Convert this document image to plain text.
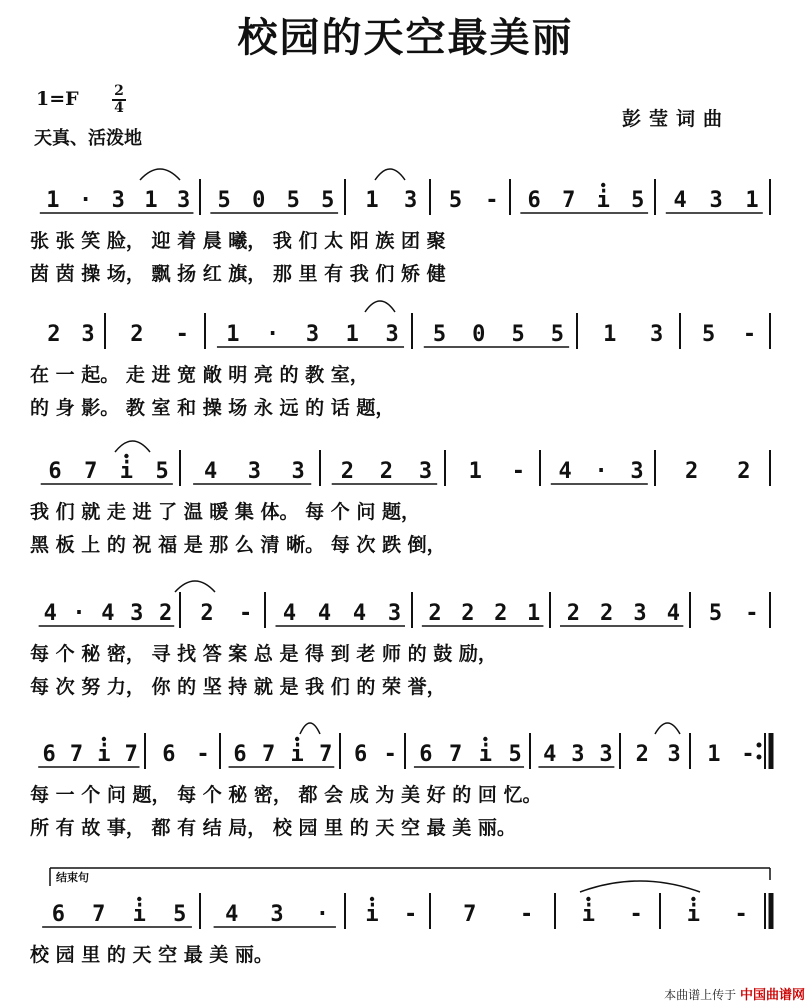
校园的天空最美丽
1=F	2
4
天真、活泼地
彭莹词曲
1 · 3 1 3 5 0 5 5 1 3 5 - 6 7 i 5 4 3 1
张 张 笑 脸， 迎 着 晨 曦， 我 们 太 阳 族 团 聚
茵 茵 操 场， 飘 扬 红 旗， 那 里 有 我 们 矫 健
2 3 2 - 1 · 3 1 3 5 0 5 5 1 3 5 -
在 一 起。 走 进 宽 敞 明 亮 的 教 室，
的 身 影。 教 室 和 操 场 永 远 的 话 题，
6 7 i 5 4 3 3 2 2 3 1 - 4 · 3 2 2
我 们 就 走 进 了 温 暖 集 体。 每 个 问 题，
黑 板 上 的 祝 福 是 那 么 清 晰。 每 次 跌 倒，
4 · 4 3 2 2 - 4 4 4 3 2 2 2 1 2 2 3 4 5 -
每 个 秘 密， 寻 找 答 案 总 是 得 到 老 师 的 鼓 励，
每 次 努 力， 你 的 坚 持 就 是 我 们 的 荣 誉，
6 7 i 7 6 - 6 7 i 7 6 - 6 7 i 5 4 3 3 2 3 1 -
每 一 个 问 题， 每 个 秘 密， 都 会 成 为 美 好 的 回 忆。
所 有 故 事， 都 有 结 局， 校 园 里 的 天 空 最 美 丽。
6 7 i 5 4 3 · i - 7 - i - i -
校 园 里 的 天 空 最 美 丽。
结束句
本曲谱上传于 中国曲谱网
